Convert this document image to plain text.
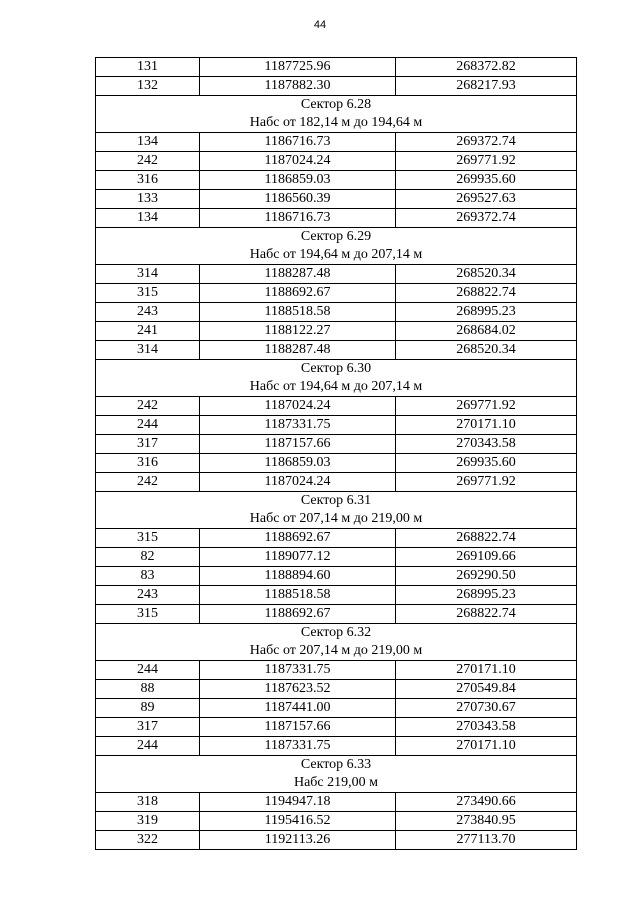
44
131	1187725.96	268372.82
132	1187882.30	268217.93
Сектор 6.28		
Набс от 182,14 м до 194,64 м		
134	1186716.73	269372.74
242	1187024.24	269771.92
316	1186859.03	269935.60
133	1186560.39	269527.63
134	1186716.73	269372.74
Сектор 6.29		
Набс от 194,64 м до 207,14 м		
314	1188287.48	268520.34
315	1188692.67	268822.74
243	1188518.58	268995.23
241	1188122.27	268684.02
314	1188287.48	268520.34
Сектор 6.30		
Набс от 194,64 м до 207,14 м		
242	1187024.24	269771.92
244	1187331.75	270171.10
317	1187157.66	270343.58
316	1186859.03	269935.60
242	1187024.24	269771.92
Сектор 6.31		
Набс от 207,14 м до 219,00 м		
315	1188692.67	268822.74
82	1189077.12	269109.66
83	1188894.60	269290.50
243	1188518.58	268995.23
315	1188692.67	268822.74
Сектор 6.32		
Набс от 207,14 м до 219,00 м		
244	1187331.75	270171.10
88	1187623.52	270549.84
89	1187441.00	270730.67
317	1187157.66	270343.58
244	1187331.75	270171.10
Сектор 6.33		
Набс 219,00 м		
318	1194947.18	273490.66
319	1195416.52	273840.95
322	1192113.26	277113.70
